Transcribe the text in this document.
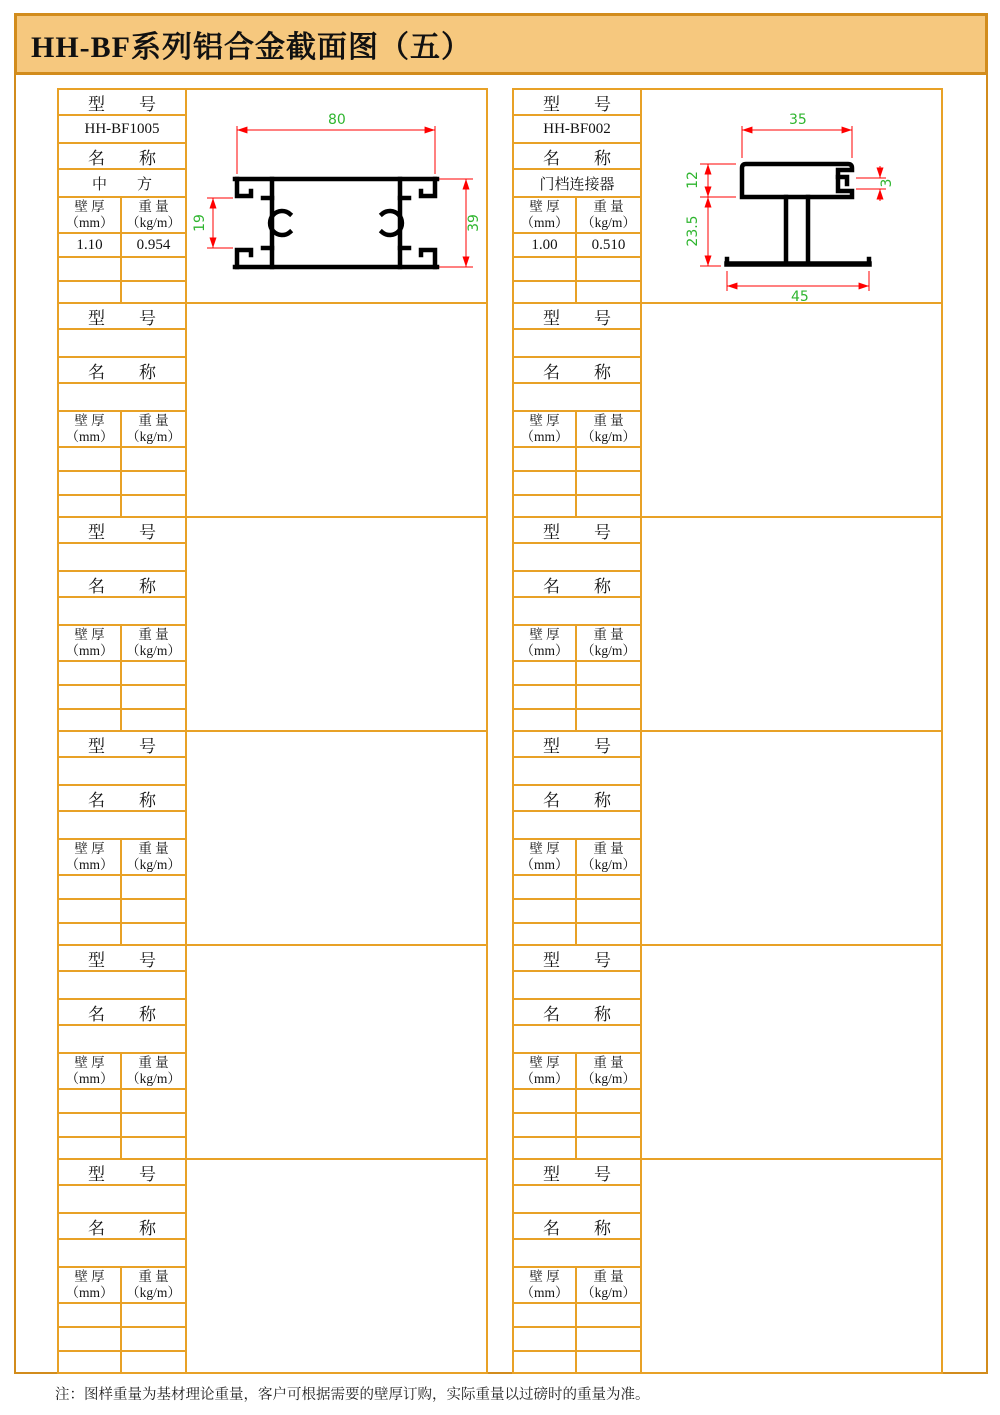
HH-BF系列铝合金截面图（五）
型　　号
HH-BF1005
名　　称
中　　方
壁 厚
（mm）
重 量
（kg/m）
1.10 0.954
80
39
19
型　　号
HH-BF002
名　　称
门档连接器
壁 厚
（mm）
重 量
（kg/m）
1.00 0.510
35
12
23.5
45
3
型　　号
名　　称
壁 厚
（mm）
重 量
（kg/m）
型　　号
名　　称
壁 厚
（mm）
重 量
（kg/m）
型　　号
名　　称
壁 厚
（mm）
重 量
（kg/m）
型　　号
名　　称
壁 厚
（mm）
重 量
（kg/m）
型　　号
名　　称
壁 厚
（mm）
重 量
（kg/m）
型　　号
名　　称
壁 厚
（mm）
重 量
（kg/m）
型　　号
名　　称
壁 厚
（mm）
重 量
（kg/m）
型　　号
名　　称
壁 厚
（mm）
重 量
（kg/m）
型　　号
名　　称
壁 厚
（mm）
重 量
（kg/m）
型　　号
名　　称
壁 厚
（mm）
重 量
（kg/m）
注：图样重量为基材理论重量，客户可根据需要的壁厚订购，实际重量以过磅时的重量为准。
